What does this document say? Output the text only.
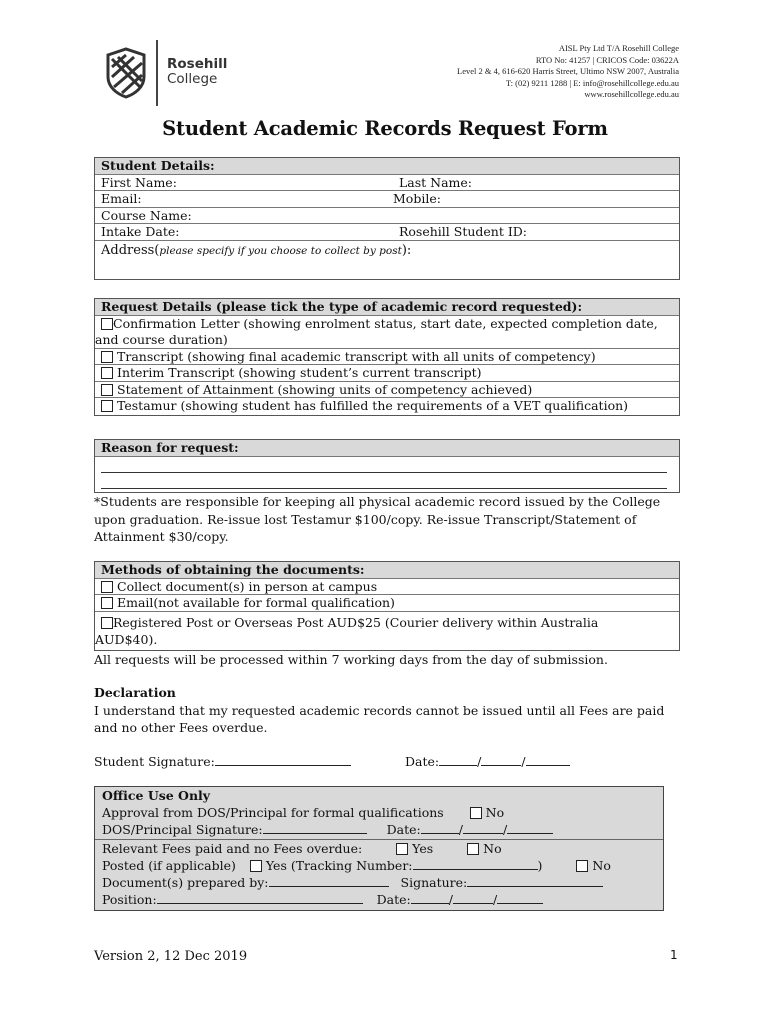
Rosehill
College
AISL Pty Ltd T/A Rosehill College
RTO No: 41257 | CRICOS Code: 03622A
Level 2 & 4, 616-620 Harris Street, Ultimo NSW 2007, Australia
T: (02) 9211 1288 | E: info@rosehillcollege.edu.au
www.rosehillcollege.edu.au
Student Academic Records Request Form
Student Details:
First Name:	Last Name:
Email:	Mobile:
Course Name:
Intake Date:	Rosehill Student ID:
Address(please specify if you choose to collect by post):
Request Details (please tick the type of academic record requested):
Confirmation Letter (showing enrolment status, start date, expected completion date,
and course duration)
Transcript (showing final academic transcript with all units of competency)
Interim Transcript (showing student’s current transcript)
Statement of Attainment (showing units of competency achieved)
Testamur (showing student has fulfilled the requirements of a VET qualification)
Reason for request:
*Students are responsible for keeping all physical academic record issued by the College upon graduation. Re-issue lost Testamur $100/copy. Re-issue Transcript/Statement of Attainment $30/copy.
Methods of obtaining the documents:
Collect document(s) in person at campus
Email(not available for formal qualification)
Registered Post or Overseas Post AUD$25 (Courier delivery within Australia
AUD$40).
All requests will be processed within 7 working days from the day of submission.
Declaration
I understand that my requested academic records cannot be issued until all Fees are paid
and no other Fees overdue.
Student Signature:	Date:	/	/
Office Use Only
Approval from DOS/Principal for formal qualifications	No
DOS/Principal Signature:	Date:	/	/
Relevant Fees paid and no Fees overdue:	Yes	No
Posted (if applicable) Yes (Tracking Number:	)	No
Document(s) prepared by:	Signature:
Position:	Date:	/	/
Version 2, 12 Dec 2019	1
